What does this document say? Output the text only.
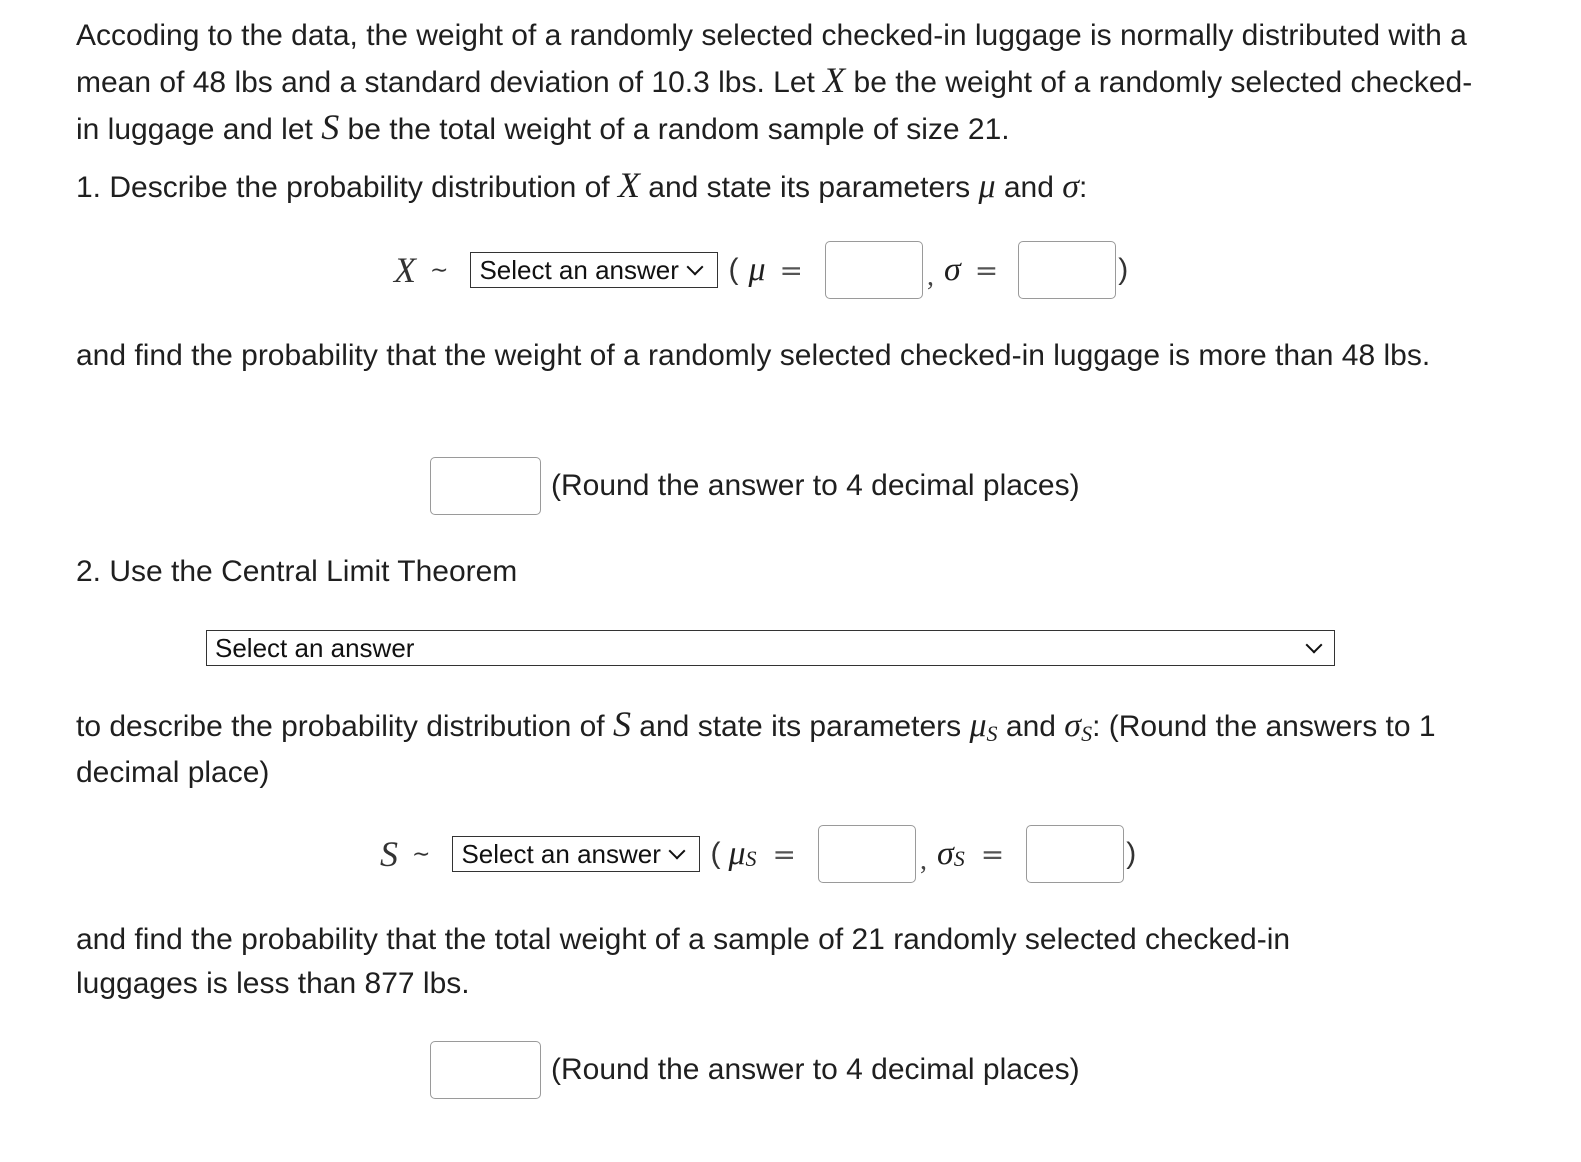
Accoding to the data, the weight of a randomly selected checked-in luggage is normally distributed with a mean of 48 lbs and a standard deviation of 10.3 lbs. Let X be the weight of a randomly selected checked-in luggage and let S be the total weight of a random sample of size 21.

1. Describe the probability distribution of X and state its parameters μ and σ:

X ∼ Select an answer ( μ =	, σ =	)

and find the probability that the weight of a randomly selected checked-in luggage is more than 48 lbs.

(Round the answer to 4 decimal places)

2. Use the Central Limit Theorem

Select an answer

to describe the probability distribution of S and state its parameters μS and σS: (Round the answers to 1 decimal place)

S ∼ Select an answer ( μ S =	, σ S =	)

and find the probability that the total weight of a sample of 21 randomly selected checked-in luggages is less than 877 lbs.

(Round the answer to 4 decimal places)
